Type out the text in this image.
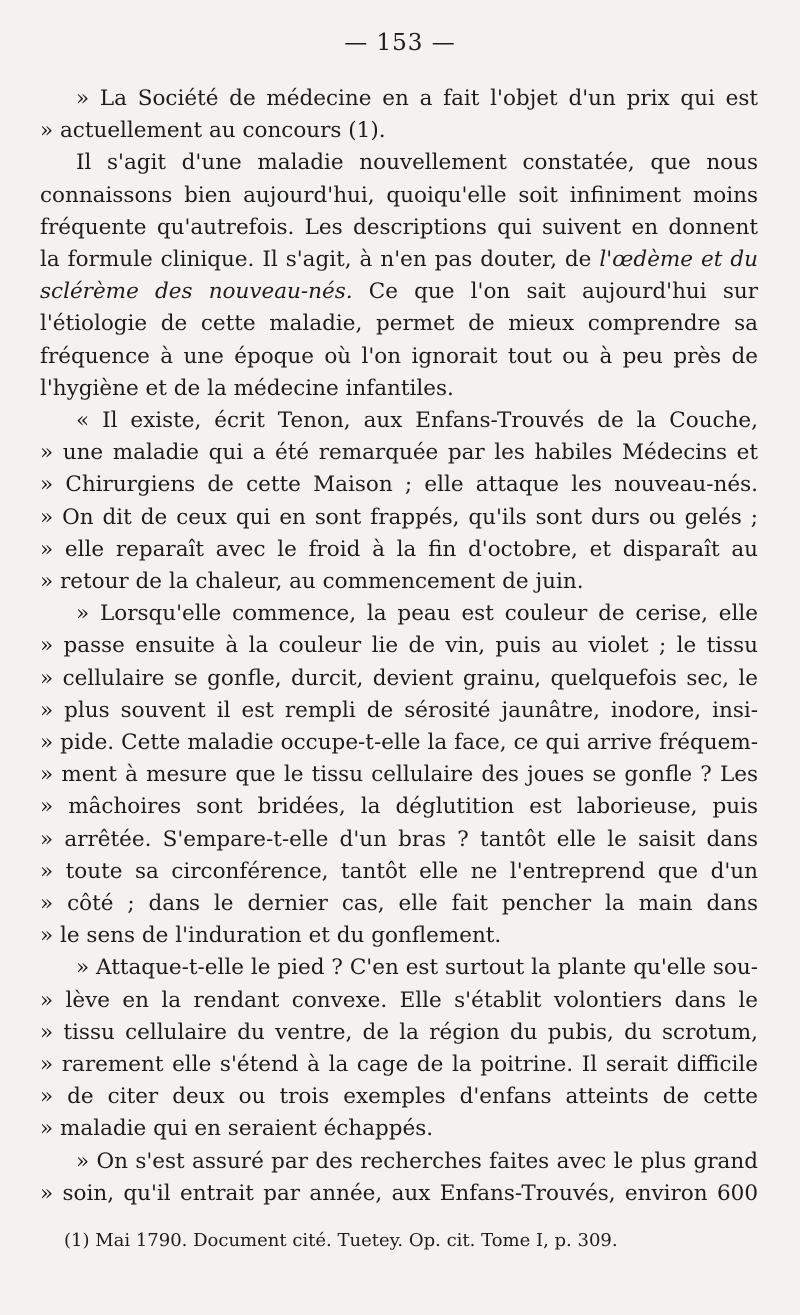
— 153 —
» La Société de médecine en a fait l'objet d'un prix qui est
» actuellement au concours (1).
Il s'agit d'une maladie nouvellement constatée, que nous
connaissons bien aujourd'hui, quoiqu'elle soit infiniment moins
fréquente qu'autrefois. Les descriptions qui suivent en donnent
la formule clinique. Il s'agit, à n'en pas douter, de l'œdème et du
sclérème des nouveau-nés. Ce que l'on sait aujourd'hui sur
l'étiologie de cette maladie, permet de mieux comprendre sa
fréquence à une époque où l'on ignorait tout ou à peu près de
l'hygiène et de la médecine infantiles.
« Il existe, écrit Tenon, aux Enfans-Trouvés de la Couche,
» une maladie qui a été remarquée par les habiles Médecins et
» Chirurgiens de cette Maison ; elle attaque les nouveau-nés.
» On dit de ceux qui en sont frappés, qu'ils sont durs ou gelés ;
» elle reparaît avec le froid à la fin d'octobre, et disparaît au
» retour de la chaleur, au commencement de juin.
» Lorsqu'elle commence, la peau est couleur de cerise, elle
» passe ensuite à la couleur lie de vin, puis au violet ; le tissu
» cellulaire se gonfle, durcit, devient grainu, quelquefois sec, le
» plus souvent il est rempli de sérosité jaunâtre, inodore, insi-
» pide. Cette maladie occupe-t-elle la face, ce qui arrive fréquem-
» ment à mesure que le tissu cellulaire des joues se gonfle ? Les
» mâchoires sont bridées, la déglutition est laborieuse, puis
» arrêtée. S'empare-t-elle d'un bras ? tantôt elle le saisit dans
» toute sa circonférence, tantôt elle ne l'entreprend que d'un
» côté ; dans le dernier cas, elle fait pencher la main dans
» le sens de l'induration et du gonflement.
» Attaque-t-elle le pied ? C'en est surtout la plante qu'elle sou-
» lève en la rendant convexe. Elle s'établit volontiers dans le
» tissu cellulaire du ventre, de la région du pubis, du scrotum,
» rarement elle s'étend à la cage de la poitrine. Il serait difficile
» de citer deux ou trois exemples d'enfans atteints de cette
» maladie qui en seraient échappés.
» On s'est assuré par des recherches faites avec le plus grand
» soin, qu'il entrait par année, aux Enfans-Trouvés, environ 600
(1) Mai 1790. Document cité. Tuetey. Op. cit. Tome I, p. 309.
